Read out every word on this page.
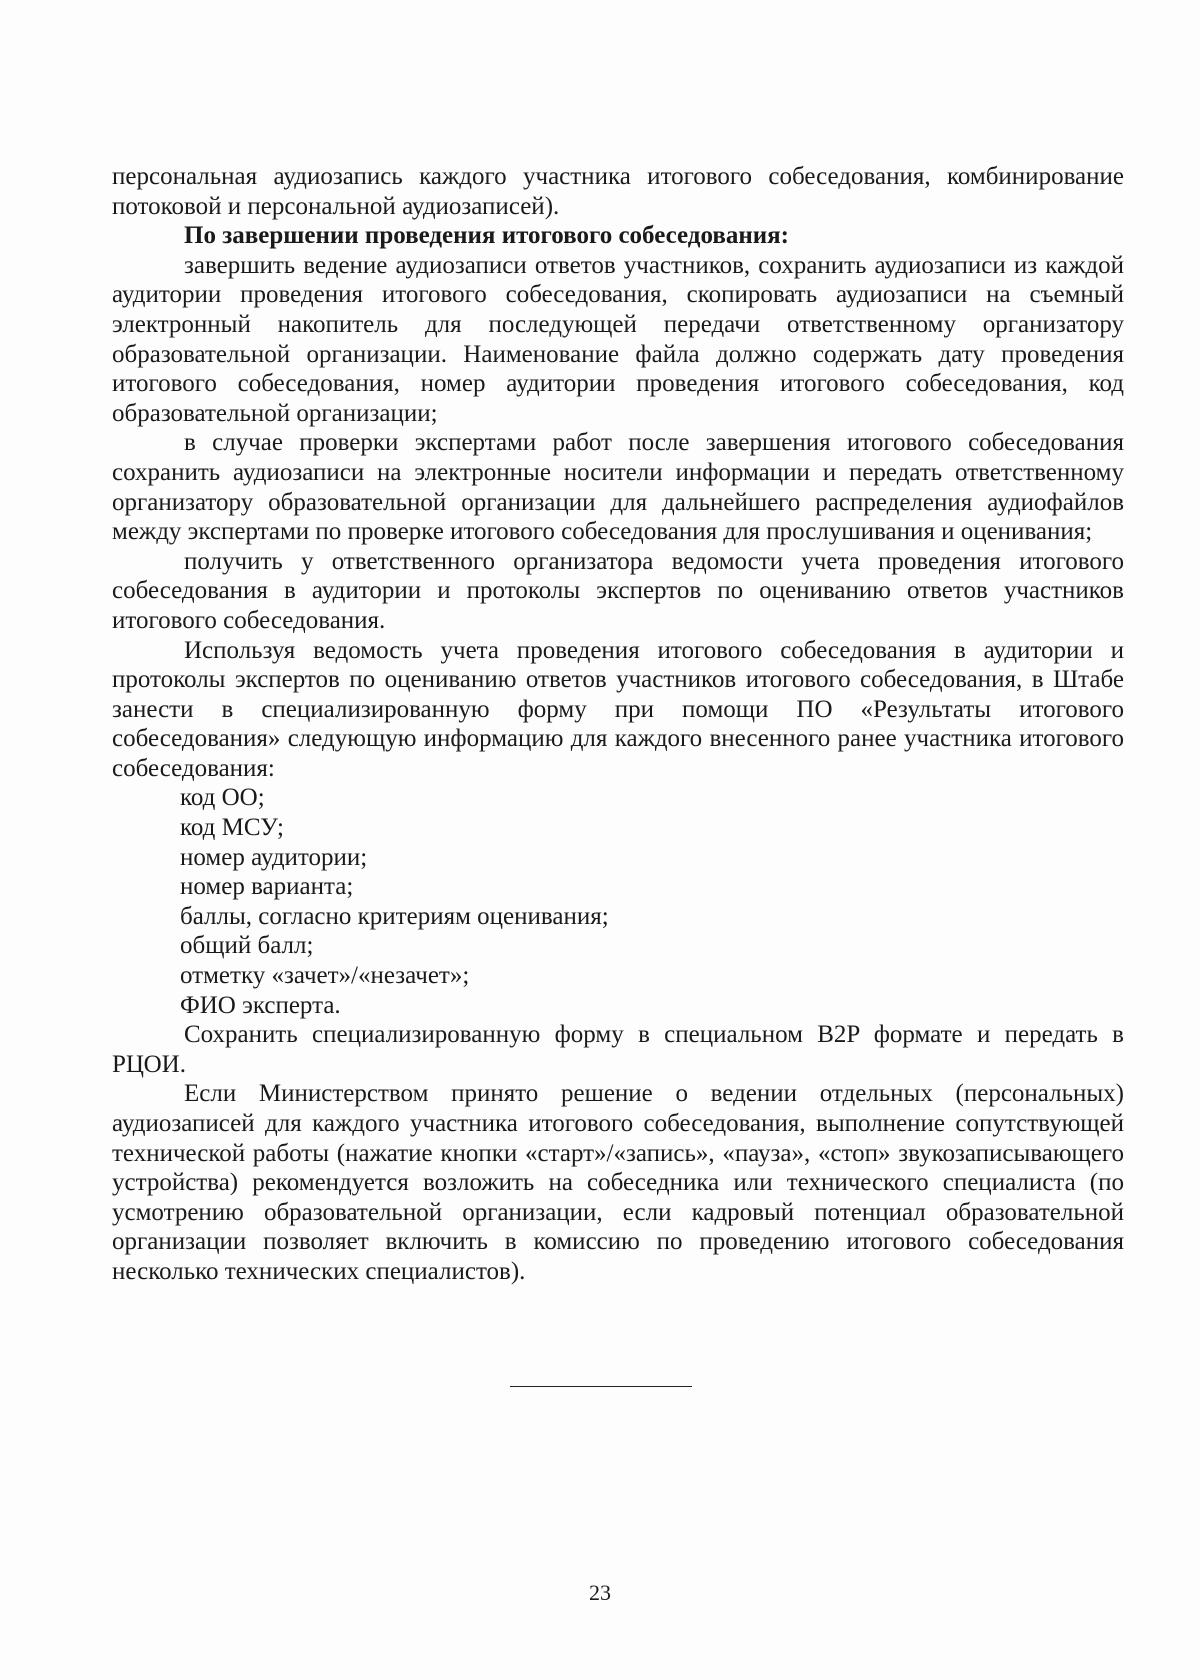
персональная аудиозапись каждого участника итогового собеседования, комбинирование потоковой и персональной аудиозаписей).

По завершении проведения итогового собеседования:

завершить ведение аудиозаписи ответов участников, сохранить аудиозаписи из каждой аудитории проведения итогового собеседования, скопировать аудиозаписи на съемный электронный накопитель для последующей передачи ответственному организатору образовательной организации. Наименование файла должно содержать дату проведения итогового собеседования, номер аудитории проведения итогового собеседования, код образовательной организации;

в случае проверки экспертами работ после завершения итогового собеседования сохранить аудиозаписи на электронные носители информации и передать ответственному организатору образовательной организации для дальнейшего распределения аудиофайлов между экспертами по проверке итогового собеседования для прослушивания и оценивания;

получить у ответственного организатора ведомости учета проведения итогового собеседования в аудитории и протоколы экспертов по оцениванию ответов участников итогового собеседования.

Используя ведомость учета проведения итогового собеседования в аудитории и протоколы экспертов по оцениванию ответов участников итогового собеседования, в Штабе занести в специализированную форму при помощи ПО «Результаты итогового собеседования» следующую информацию для каждого внесенного ранее участника итогового собеседования:

код ОО;
код МСУ;
номер аудитории;
номер варианта;
баллы, согласно критериям оценивания;
общий балл;
отметку «зачет»/«незачет»;
ФИО эксперта.

Сохранить специализированную форму в специальном B2P формате и передать в РЦОИ.

Если Министерством принято решение о ведении отдельных (персональных) аудиозаписей для каждого участника итогового собеседования, выполнение сопутствующей технической работы (нажатие кнопки «старт»/«запись», «пауза», «стоп» звукозаписывающего устройства) рекомендуется возложить на собеседника или технического специалиста (по усмотрению образовательной организации, если кадровый потенциал образовательной организации позволяет включить в комиссию по проведению итогового собеседования несколько технических специалистов).

23
